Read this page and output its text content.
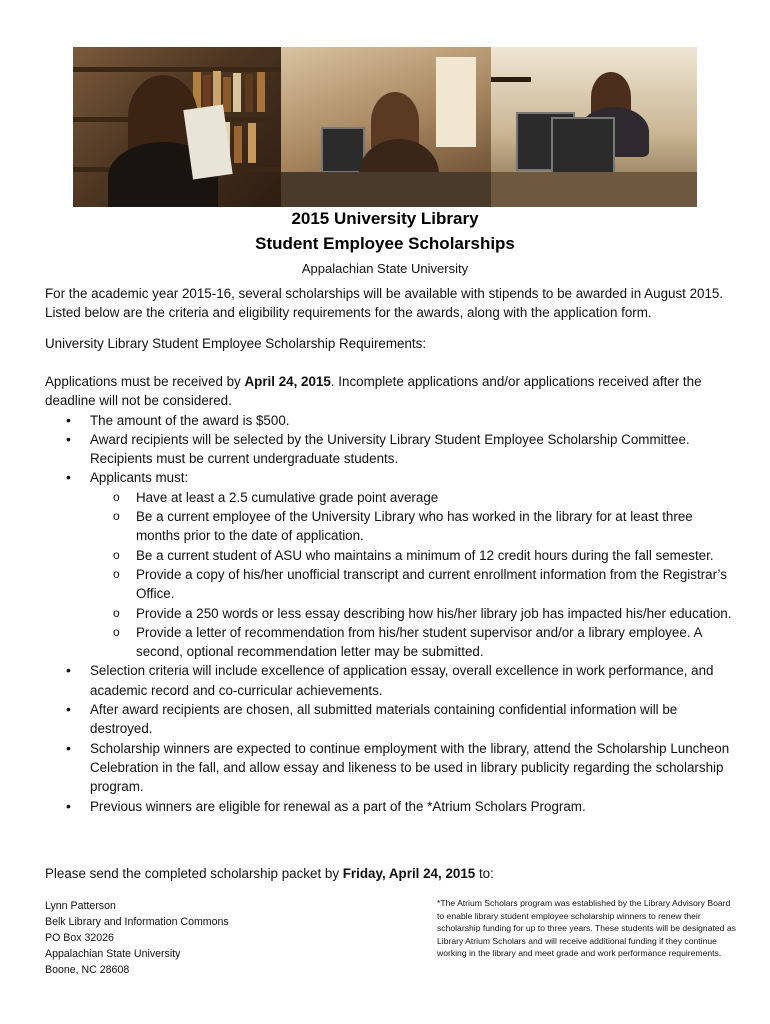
2015 University Library
Student Employee Scholarships
Appalachian State University

For the academic year 2015-16, several scholarships will be available with stipends to be awarded in August 2015. Listed below are the criteria and eligibility requirements for the awards, along with the application form.

University Library Student Employee Scholarship Requirements:

Applications must be received by April 24, 2015. Incomplete applications and/or applications received after the deadline will not be considered.

• The amount of the award is $500.
• Award recipients will be selected by the University Library Student Employee Scholarship Committee. Recipients must be current undergraduate students.
• Applicants must:
o Have at least a 2.5 cumulative grade point average
o Be a current employee of the University Library who has worked in the library for at least three months prior to the date of application.
o Be a current student of ASU who maintains a minimum of 12 credit hours during the fall semester.
o Provide a copy of his/her unofficial transcript and current enrollment information from the Registrar’s Office.
o Provide a 250 words or less essay describing how his/her library job has impacted his/her education.
o Provide a letter of recommendation from his/her student supervisor and/or a library employee. A second, optional recommendation letter may be submitted.
• Selection criteria will include excellence of application essay, overall excellence in work performance, and academic record and co-curricular achievements.
• After award recipients are chosen, all submitted materials containing confidential information will be destroyed.
• Scholarship winners are expected to continue employment with the library, attend the Scholarship Luncheon Celebration in the fall, and allow essay and likeness to be used in library publicity regarding the scholarship program.
• Previous winners are eligible for renewal as a part of the *Atrium Scholars Program.

Please send the completed scholarship packet by Friday, April 24, 2015 to:

Lynn Patterson
Belk Library and Information Commons
PO Box 32026
Appalachian State University
Boone, NC 28608
*The Atrium Scholars program was established by the Library Advisory Board to enable library student employee scholarship winners to renew their scholarship funding for up to three years. These students will be designated as Library Atrium Scholars and will receive additional funding if they continue working in the library and meet grade and work performance requirements.
